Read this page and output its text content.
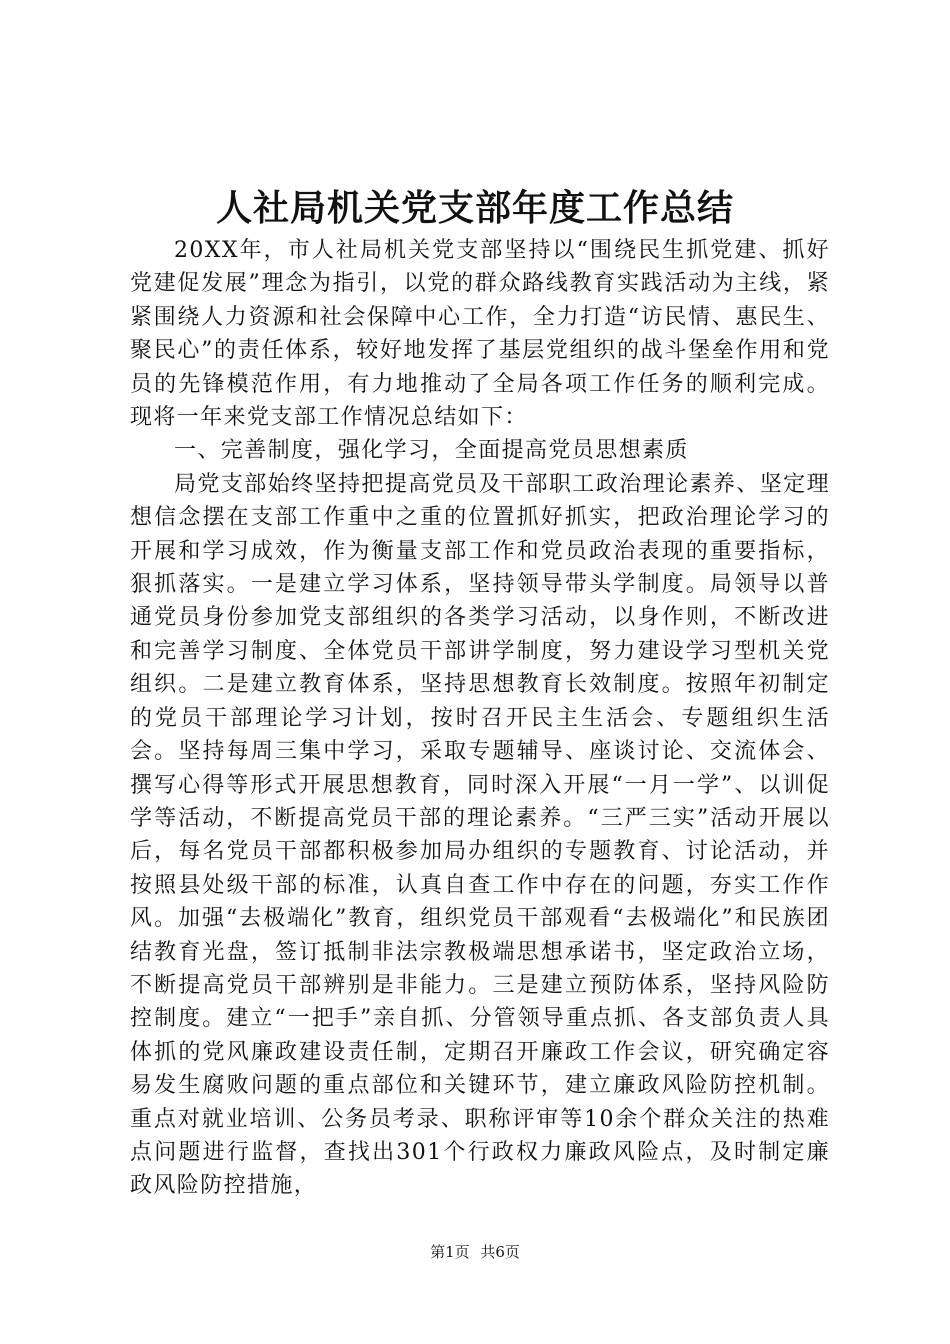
人社局机关党支部年度工作总结

20XX年，市人社局机关党支部坚持以“围绕民生抓党建、抓好党建促发展”理念为指引，以党的群众路线教育实践活动为主线，紧紧围绕人力资源和社会保障中心工作，全力打造“访民情、惠民生、聚民心”的责任体系，较好地发挥了基层党组织的战斗堡垒作用和党员的先锋模范作用，有力地推动了全局各项工作任务的顺利完成。现将一年来党支部工作情况总结如下：

一、完善制度，强化学习，全面提高党员思想素质

局党支部始终坚持把提高党员及干部职工政治理论素养、坚定理想信念摆在支部工作重中之重的位置抓好抓实，把政治理论学习的开展和学习成效，作为衡量支部工作和党员政治表现的重要指标，狠抓落实。一是建立学习体系，坚持领导带头学制度。局领导以普通党员身份参加党支部组织的各类学习活动，以身作则，不断改进和完善学习制度、全体党员干部讲学制度，努力建设学习型机关党组织。二是建立教育体系，坚持思想教育长效制度。按照年初制定的党员干部理论学习计划，按时召开民主生活会、专题组织生活会。坚持每周三集中学习，采取专题辅导、座谈讨论、交流体会、撰写心得等形式开展思想教育，同时深入开展“一月一学”、以训促学等活动，不断提高党员干部的理论素养。“三严三实”活动开展以后，每名党员干部都积极参加局办组织的专题教育、讨论活动，并按照县处级干部的标准，认真自查工作中存在的问题，夯实工作作风。加强“去极端化”教育，组织党员干部观看“去极端化”和民族团结教育光盘，签订抵制非法宗教极端思想承诺书，坚定政治立场，不断提高党员干部辨别是非能力。三是建立预防体系，坚持风险防控制度。建立“一把手”亲自抓、分管领导重点抓、各支部负责人具体抓的党风廉政建设责任制，定期召开廉政工作会议，研究确定容易发生腐败问题的重点部位和关键环节，建立廉政风险防控机制。重点对就业培训、公务员考录、职称评审等10余个群众关注的热难点问题进行监督，查找出301个行政权力廉政风险点，及时制定廉政风险防控措施，

第1页 共6页
